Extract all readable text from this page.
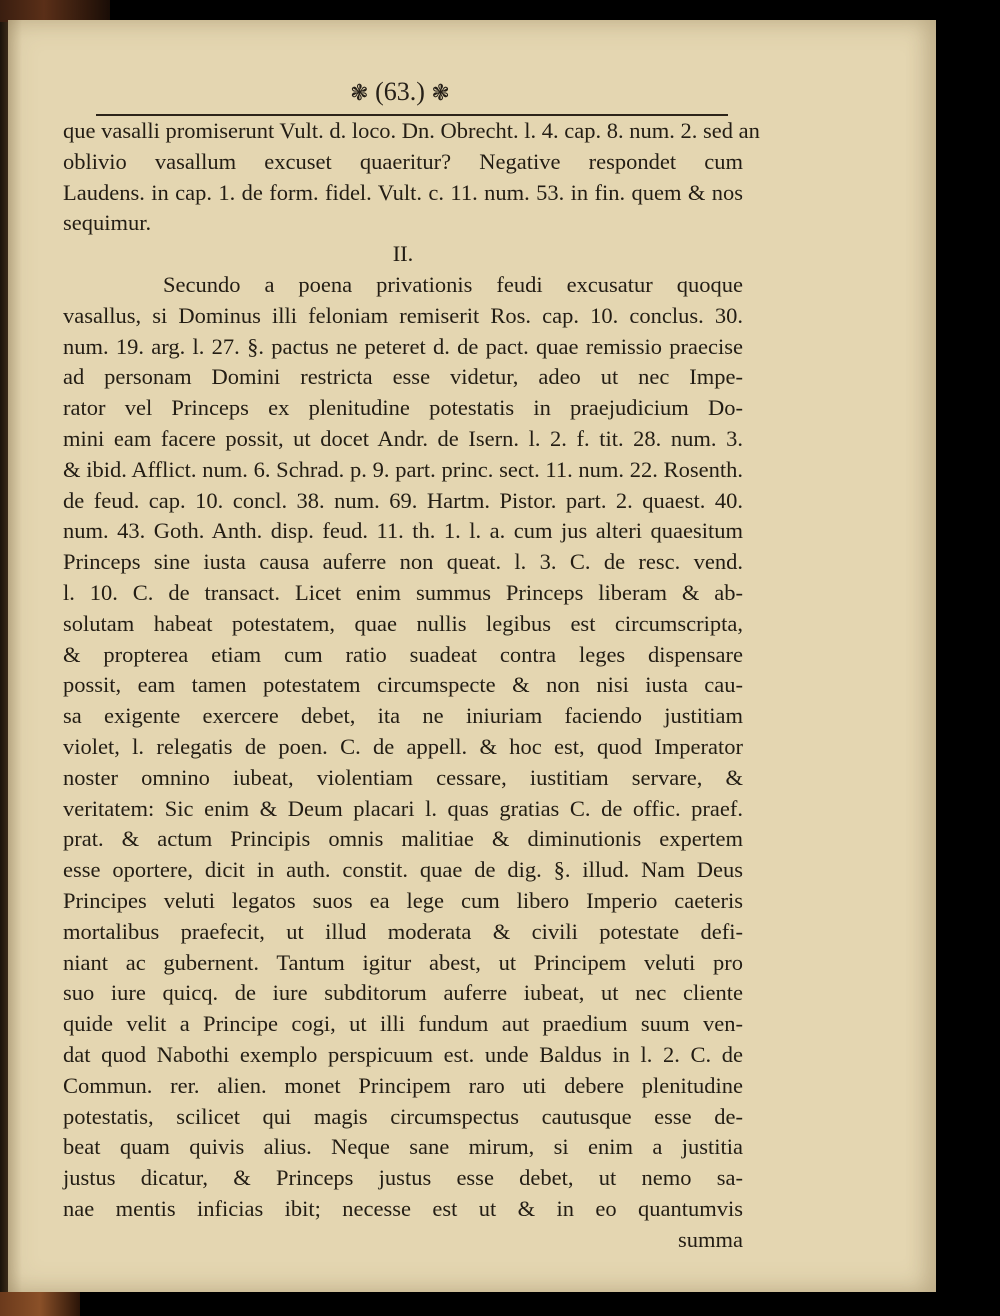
❃ (63.) ❃
que vasalli promiserunt Vult. d. loco. Dn. Obrecht. l. 4. cap. 8. num. 2. sed an
oblivio vasallum excuset quaeritur? Negative respondet cum
Laudens. in cap. 1. de form. fidel. Vult. c. 11. num. 53. in fin. quem & nos
sequimur.
II.
Secundo a poena privationis feudi excusatur quoque
vasallus, si Dominus illi feloniam remiserit Ros. cap. 10. conclus. 30.
num. 19. arg. l. 27. §. pactus ne peteret d. de pact. quae remissio praecise
ad personam Domini restricta esse videtur, adeo ut nec Impe-
rator vel Princeps ex plenitudine potestatis in praejudicium Do-
mini eam facere possit, ut docet Andr. de Isern. l. 2. f. tit. 28. num. 3.
& ibid. Afflict. num. 6. Schrad. p. 9. part. princ. sect. 11. num. 22. Rosenth.
de feud. cap. 10. concl. 38. num. 69. Hartm. Pistor. part. 2. quaest. 40.
num. 43. Goth. Anth. disp. feud. 11. th. 1. l. a. cum jus alteri quaesitum
Princeps sine iusta causa auferre non queat. l. 3. C. de resc. vend.
l. 10. C. de transact. Licet enim summus Princeps liberam & ab-
solutam habeat potestatem, quae nullis legibus est circumscripta,
& propterea etiam cum ratio suadeat contra leges dispensare
possit, eam tamen potestatem circumspecte & non nisi iusta cau-
sa exigente exercere debet, ita ne iniuriam faciendo justitiam
violet, l. relegatis de poen. C. de appell. & hoc est, quod Imperator
noster omnino iubeat, violentiam cessare, iustitiam servare, &
veritatem: Sic enim & Deum placari l. quas gratias C. de offic. praef.
prat. & actum Principis omnis malitiae & diminutionis expertem
esse oportere, dicit in auth. constit. quae de dig. §. illud. Nam Deus
Principes veluti legatos suos ea lege cum libero Imperio caeteris
mortalibus praefecit, ut illud moderata & civili potestate defi-
niant ac gubernent. Tantum igitur abest, ut Principem veluti pro
suo iure quicq. de iure subditorum auferre iubeat, ut nec cliente
quide velit a Principe cogi, ut illi fundum aut praedium suum ven-
dat quod Nabothi exemplo perspicuum est. unde Baldus in l. 2. C. de
Commun. rer. alien. monet Principem raro uti debere plenitudine
potestatis, scilicet qui magis circumspectus cautusque esse de-
beat quam quivis alius. Neque sane mirum, si enim a justitia
justus dicatur, & Princeps justus esse debet, ut nemo sa-
nae mentis inficias ibit; necesse est ut & in eo quantumvis
summa
